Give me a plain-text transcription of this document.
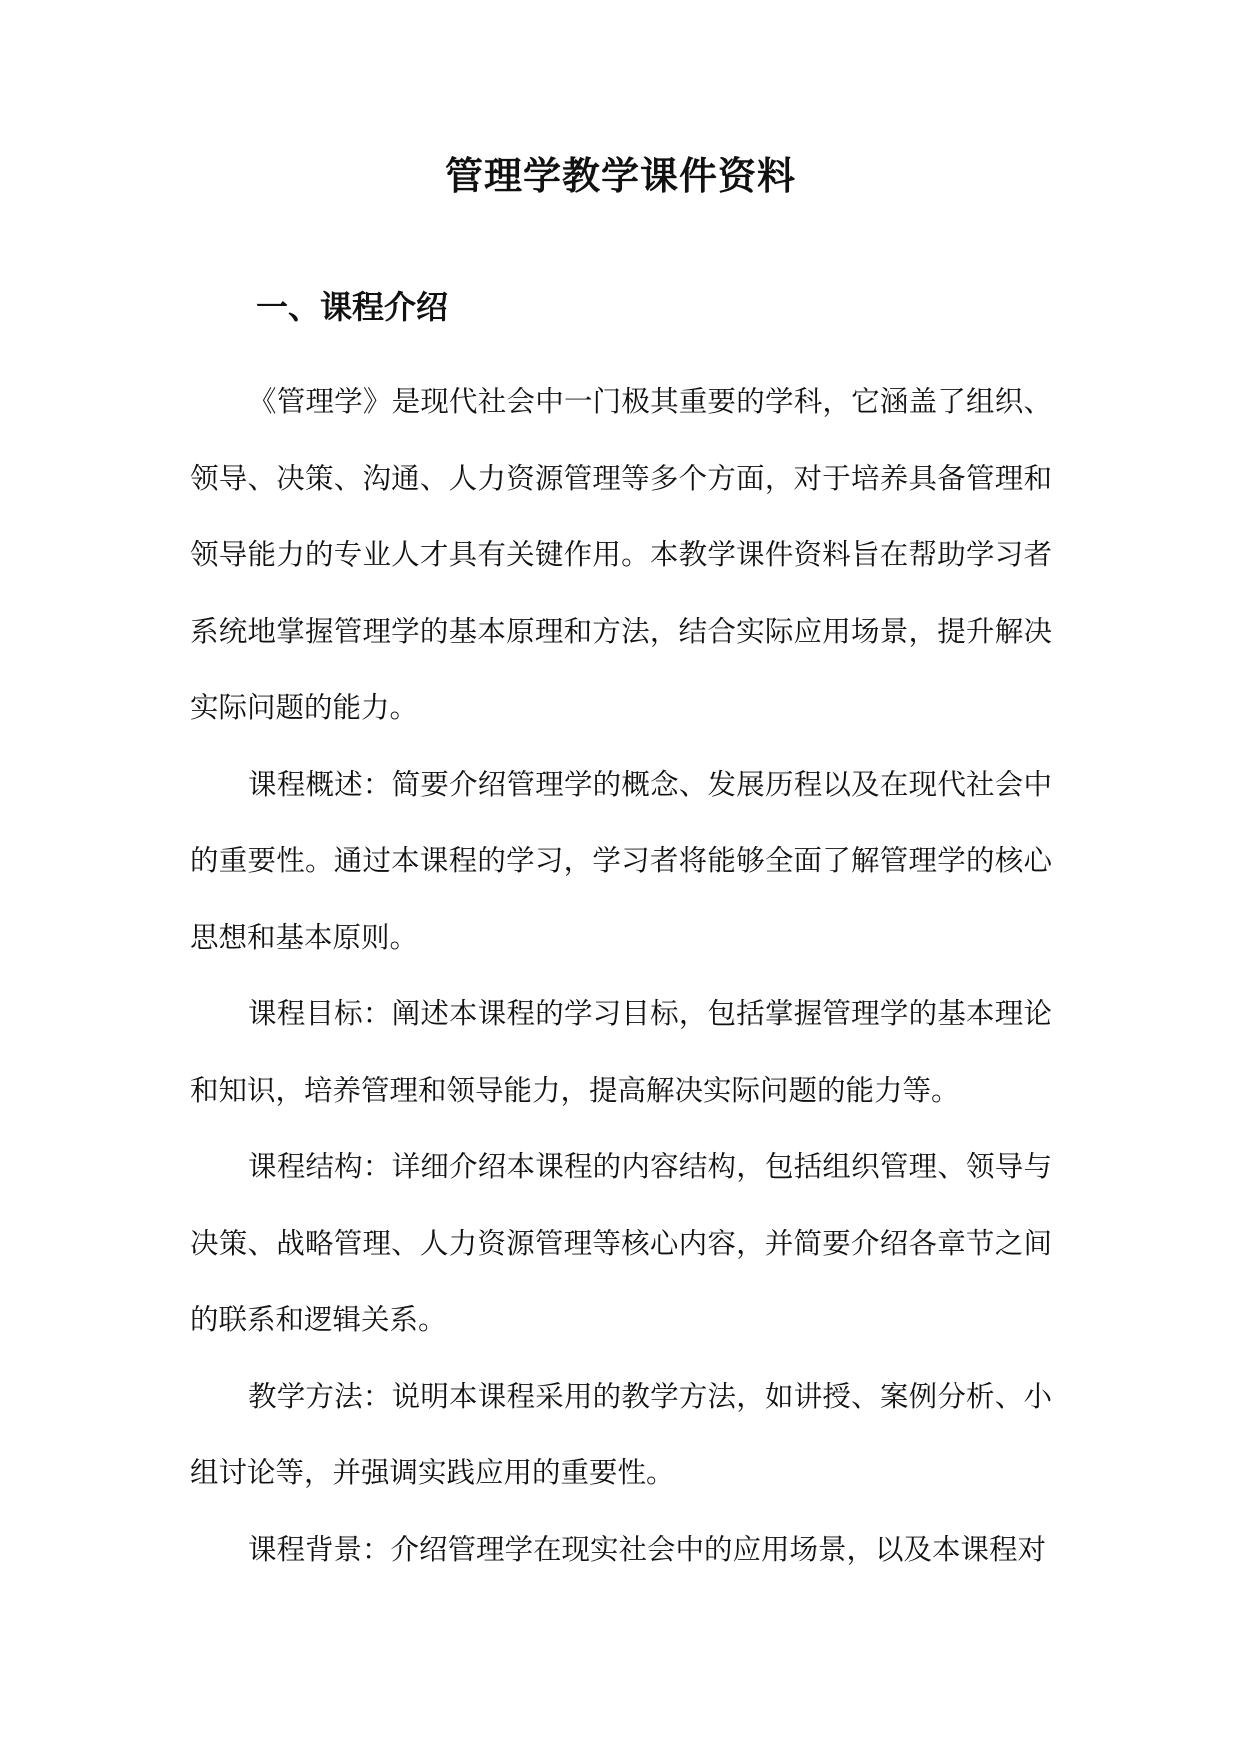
管理学教学课件资料
一、课程介绍

《管理学》是现代社会中一门极其重要的学科，它涵盖了组织、领导、决策、沟通、人力资源管理等多个方面，对于培养具备管理和领导能力的专业人才具有关键作用。本教学课件资料旨在帮助学习者系统地掌握管理学的基本原理和方法，结合实际应用场景，提升解决实际问题的能力。

课程概述：简要介绍管理学的概念、发展历程以及在现代社会中的重要性。通过本课程的学习，学习者将能够全面了解管理学的核心思想和基本原则。

课程目标：阐述本课程的学习目标，包括掌握管理学的基本理论和知识，培养管理和领导能力，提高解决实际问题的能力等。

课程结构：详细介绍本课程的内容结构，包括组织管理、领导与决策、战略管理、人力资源管理等核心内容，并简要介绍各章节之间的联系和逻辑关系。

教学方法：说明本课程采用的教学方法，如讲授、案例分析、小组讨论等，并强调实践应用的重要性。

课程背景：介绍管理学在现实社会中的应用场景，以及本课程对
